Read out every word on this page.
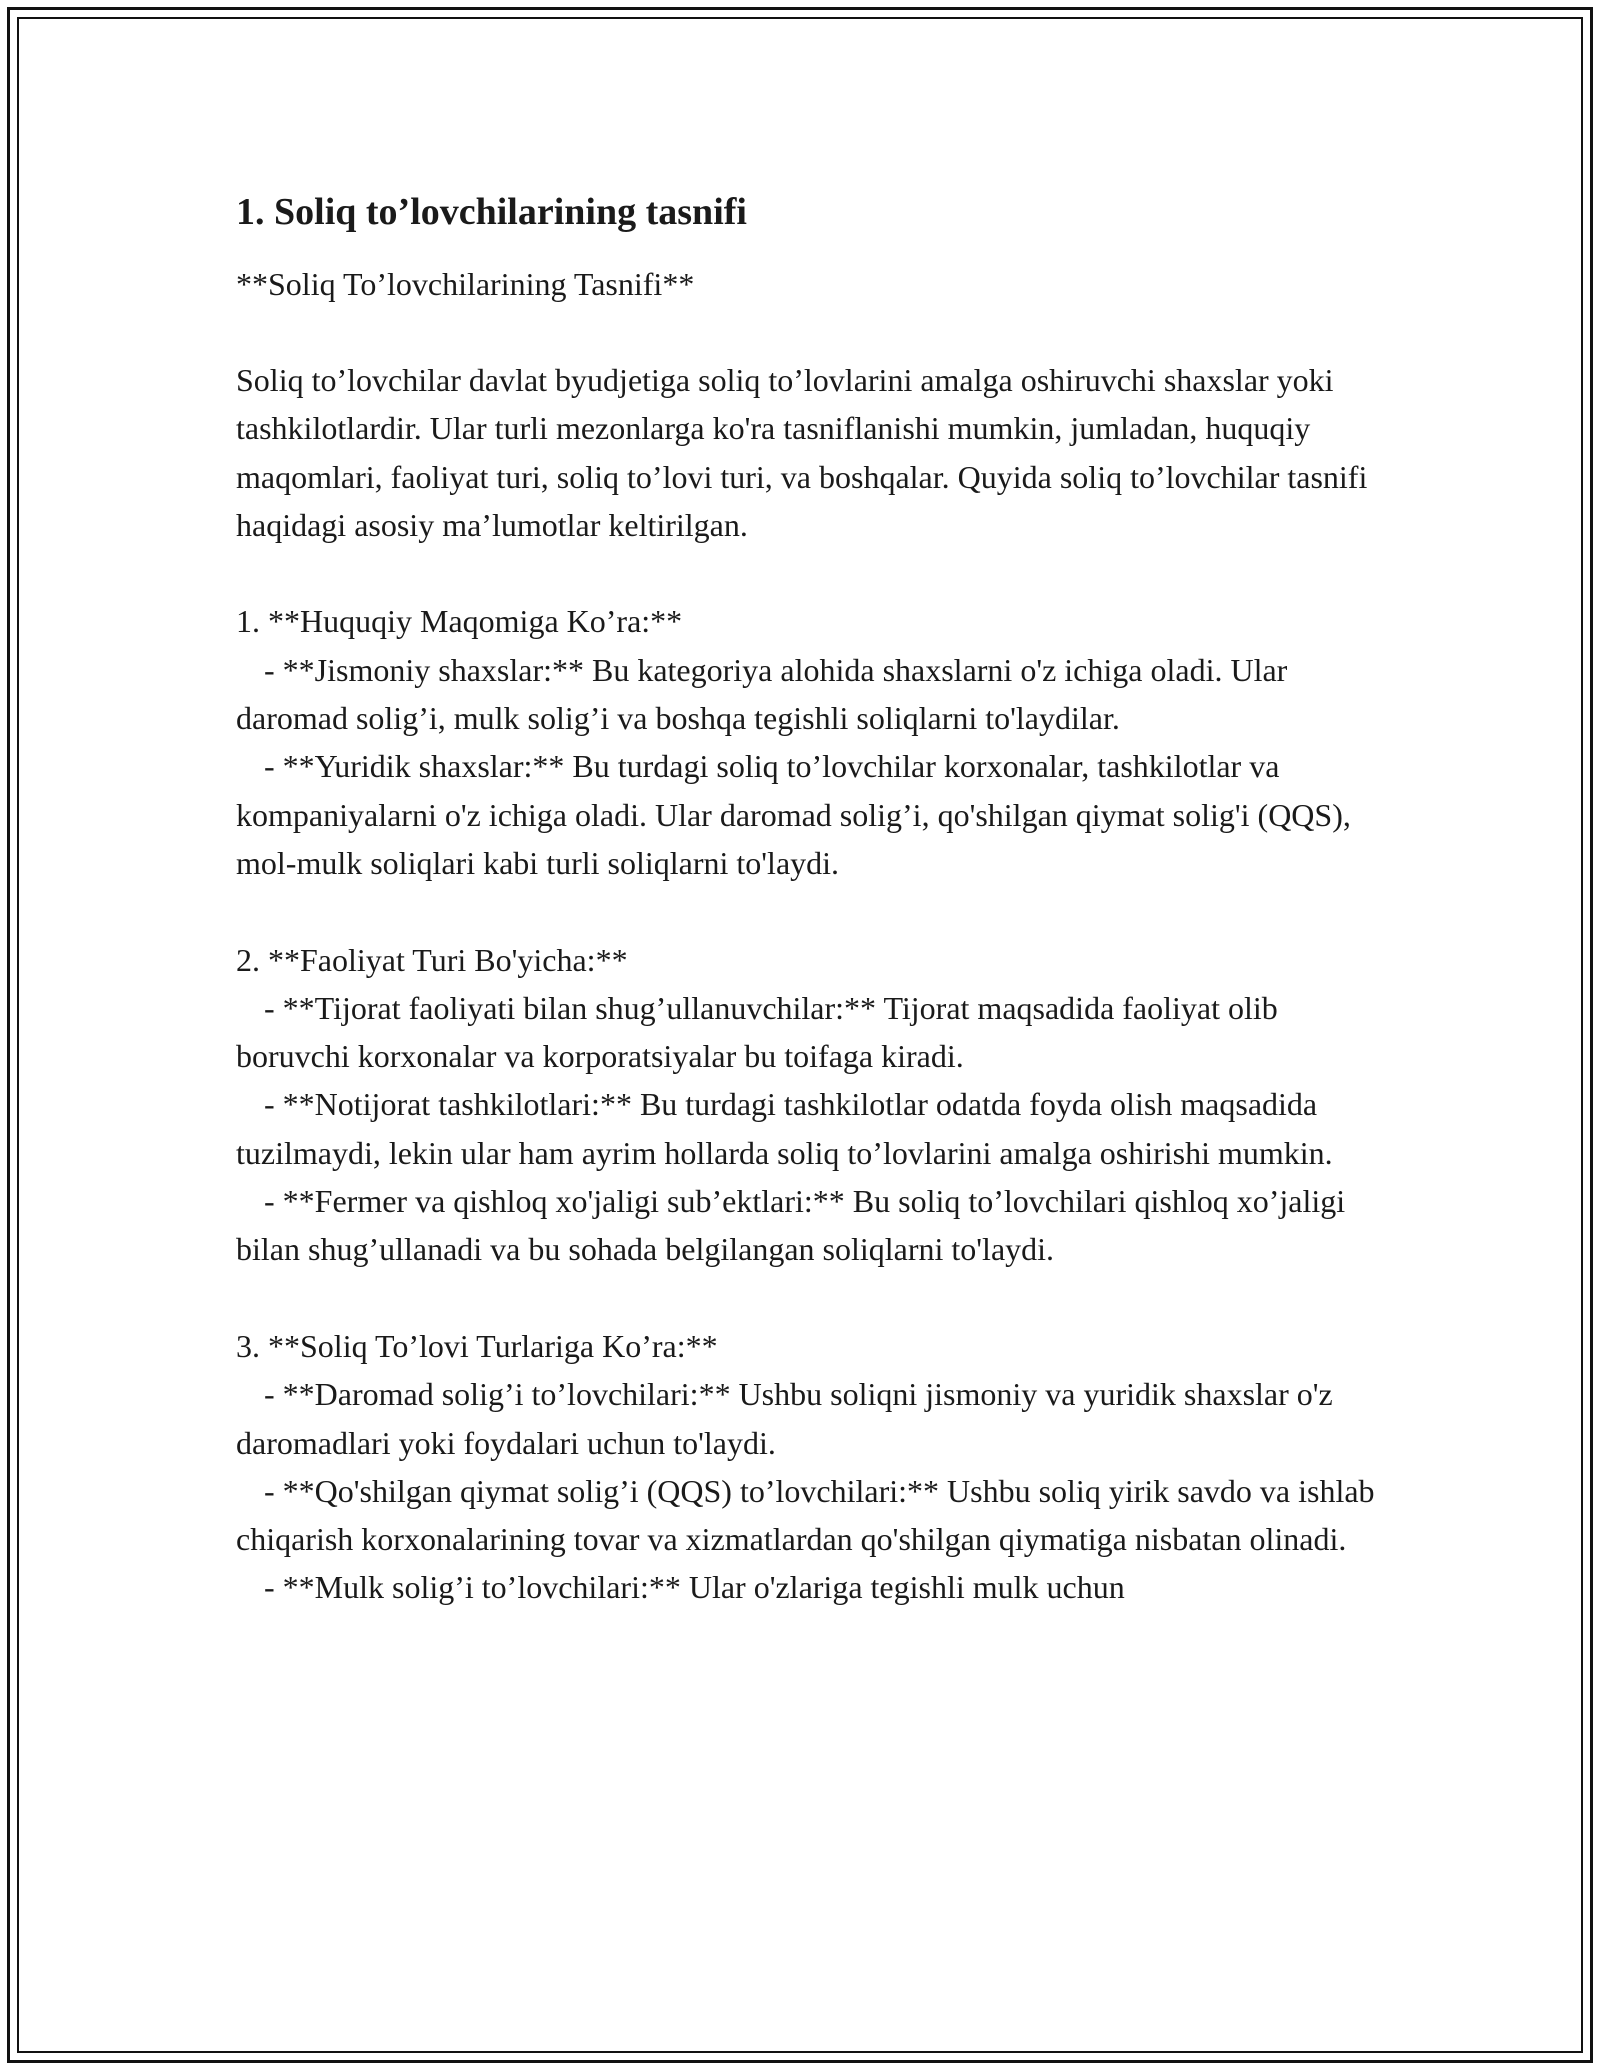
1. Soliq to’lovchilarining tasnifi
**Soliq To’lovchilarining Tasnifi**
Soliq to’lovchilar davlat byudjetiga soliq to’lovlarini amalga oshiruvchi shaxslar yoki tashkilotlardir. Ular turli mezonlarga ko'ra tasniflanishi mumkin, jumladan, huquqiy maqomlari, faoliyat turi, soliq to’lovi turi, va boshqalar. Quyida soliq to’lovchilar tasnifi haqidagi asosiy ma’lumotlar keltirilgan.
1. **Huquqiy Maqomiga Ko’ra:**
- **Jismoniy shaxslar:** Bu kategoriya alohida shaxslarni o'z ichiga oladi. Ular daromad solig’i, mulk solig’i va boshqa tegishli soliqlarni to'laydilar.
- **Yuridik shaxslar:** Bu turdagi soliq to’lovchilar korxonalar, tashkilotlar va kompaniyalarni o'z ichiga oladi. Ular daromad solig’i, qo'shilgan qiymat solig'i (QQS), mol-mulk soliqlari kabi turli soliqlarni to'laydi.
2. **Faoliyat Turi Bo'yicha:**
- **Tijorat faoliyati bilan shug’ullanuvchilar:** Tijorat maqsadida faoliyat olib boruvchi korxonalar va korporatsiyalar bu toifaga kiradi.
- **Notijorat tashkilotlari:** Bu turdagi tashkilotlar odatda foyda olish maqsadida tuzilmaydi, lekin ular ham ayrim hollarda soliq to’lovlarini amalga oshirishi mumkin.
- **Fermer va qishloq xo'jaligi sub’ektlari:** Bu soliq to’lovchilari qishloq xo’jaligi bilan shug’ullanadi va bu sohada belgilangan soliqlarni to'laydi.
3. **Soliq To’lovi Turlariga Ko’ra:**
- **Daromad solig’i to’lovchilari:** Ushbu soliqni jismoniy va yuridik shaxslar o'z daromadlari yoki foydalari uchun to'laydi.
- **Qo'shilgan qiymat solig’i (QQS) to’lovchilari:** Ushbu soliq yirik savdo va ishlab chiqarish korxonalarining tovar va xizmatlardan qo'shilgan qiymatiga nisbatan olinadi.
- **Mulk solig’i to’lovchilari:** Ular o'zlariga tegishli mulk uchun
